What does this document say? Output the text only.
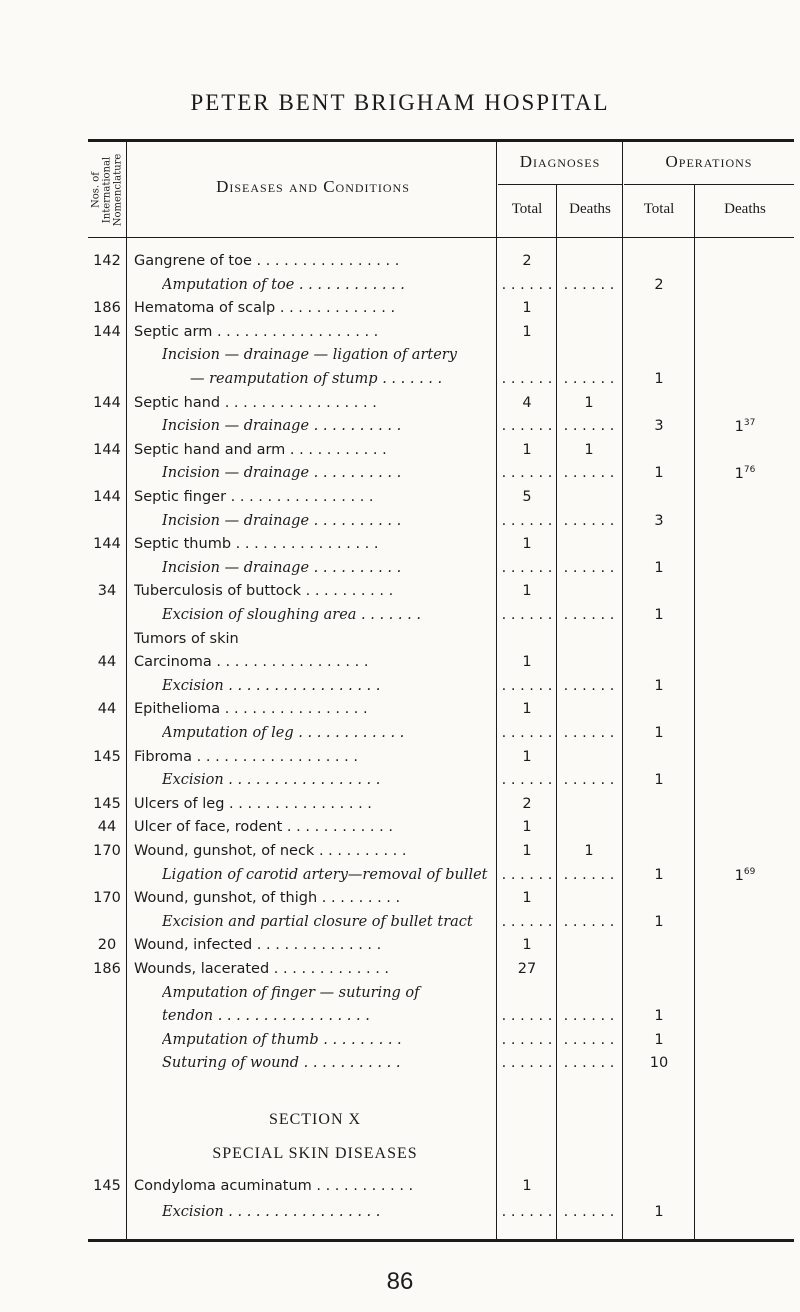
PETER BENT BRIGHAM HOSPITAL
Nos. of International Nomenclature	Diseases and Conditions
Diagnoses	Operations
Total	Deaths	Total	Deaths
142 Gangrene of toe . . . . . . . . . . . . . . . .	2
Amputation of toe . . . . . . . . . . . .	. . . . . . . . . . . .	2
186 Hematoma of scalp . . . . . . . . . . . . .	1
144 Septic arm . . . . . . . . . . . . . . . . . .	1
Incision — drainage — ligation of artery
— reamputation of stump . . . . . . .	. . . . . . . . . . . .	1
144 Septic hand . . . . . . . . . . . . . . . . .	4	1
Incision — drainage . . . . . . . . . .	. . . . . . . . . . . .	3	$1^{37}$
144 Septic hand and arm . . . . . . . . . . .	1	1
Incision — drainage . . . . . . . . . .	. . . . . . . . . . . .	1	$1^{76}$
144 Septic finger . . . . . . . . . . . . . . . .	5
Incision — drainage . . . . . . . . . .	. . . . . . . . . . . .	3
144 Septic thumb . . . . . . . . . . . . . . . .	1
Incision — drainage . . . . . . . . . .	. . . . . . . . . . . .	1
34	Tuberculosis of buttock . . . . . . . . . .	1
Excision of sloughing area . . . . . . .	. . . . . . . . . . . .	1
Tumors of skin
44	Carcinoma . . . . . . . . . . . . . . . . .	1
Excision . . . . . . . . . . . . . . . . .	. . . . . . . . . . . .	1
44	Epithelioma . . . . . . . . . . . . . . . .	1
Amputation of leg . . . . . . . . . . . .	. . . . . . . . . . . .	1
145 Fibroma . . . . . . . . . . . . . . . . . .	1
Excision . . . . . . . . . . . . . . . . .	. . . . . . . . . . . .	1
145 Ulcers of leg . . . . . . . . . . . . . . . .	2
44	Ulcer of face, rodent . . . . . . . . . . . .	1
170 Wound, gunshot, of neck . . . . . . . . . .	1	1
Ligation of carotid artery—removal of bullet . . . . . . . . . . . .	1	$1^{69}$
170 Wound, gunshot, of thigh . . . . . . . . .	1
Excision and partial closure of bullet tract	. . . . . . . . . . . .	1
20	Wound, infected . . . . . . . . . . . . . .	1
186 Wounds, lacerated . . . . . . . . . . . . .	27
Amputation of finger — suturing of
tendon . . . . . . . . . . . . . . . . .	. . . . . . . . . . . .	1
Amputation of thumb . . . . . . . . .	. . . . . . . . . . . .	1
Suturing of wound . . . . . . . . . . .	. . . . . . . . . . . .	10
SECTION X
SPECIAL SKIN DISEASES
145 Condyloma acuminatum . . . . . . . . . . .	1
Excision . . . . . . . . . . . . . . . . .	. . . . . . . . . . . .	1
86
